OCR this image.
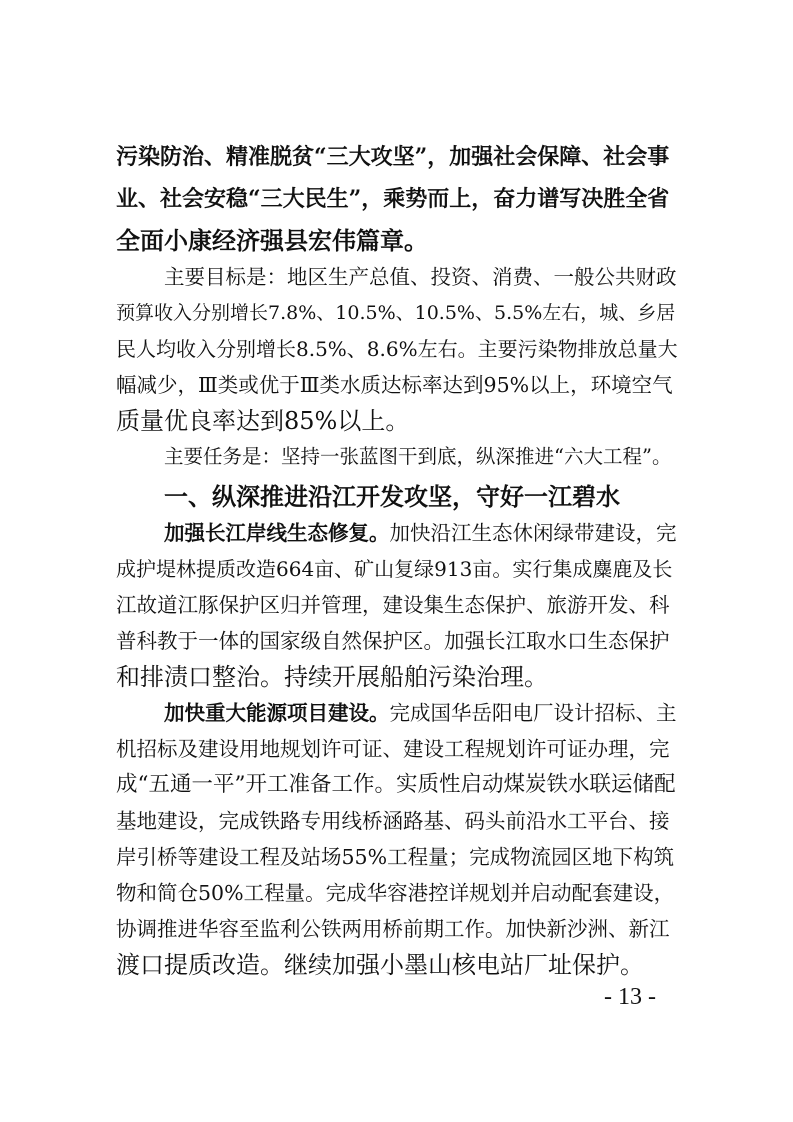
污染防治、精准脱贫“三大攻坚”，加强社会保障、社会事
业、社会安稳“三大民生”，乘势而上，奋力谱写决胜全省
全面小康经济强县宏伟篇章。
主要目标是：地区生产总值、投资、消费、一般公共财政
预算收入分别增长7.8%、10.5%、10.5%、5.5%左右，城、乡居
民人均收入分别增长8.5%、8.6%左右。主要污染物排放总量大
幅减少，Ⅲ类或优于Ⅲ类水质达标率达到95%以上，环境空气
质量优良率达到85%以上。
主要任务是：坚持一张蓝图干到底，纵深推进“六大工程”。
一、纵深推进沿江开发攻坚，守好一江碧水
加强长江岸线生态修复。加快沿江生态休闲绿带建设，完
成护堤林提质改造664亩、矿山复绿913亩。实行集成麋鹿及长
江故道江豚保护区归并管理，建设集生态保护、旅游开发、科
普科教于一体的国家级自然保护区。加强长江取水口生态保护
和排渍口整治。持续开展船舶污染治理。
加快重大能源项目建设。完成国华岳阳电厂设计招标、主
机招标及建设用地规划许可证、建设工程规划许可证办理，完
成“五通一平”开工准备工作。实质性启动煤炭铁水联运储配
基地建设，完成铁路专用线桥涵路基、码头前沿水工平台、接
岸引桥等建设工程及站场55%工程量；完成物流园区地下构筑
物和简仓50%工程量。完成华容港控详规划并启动配套建设，
协调推进华容至监利公铁两用桥前期工作。加快新沙洲、新江
渡口提质改造。继续加强小墨山核电站厂址保护。
- 13 -
